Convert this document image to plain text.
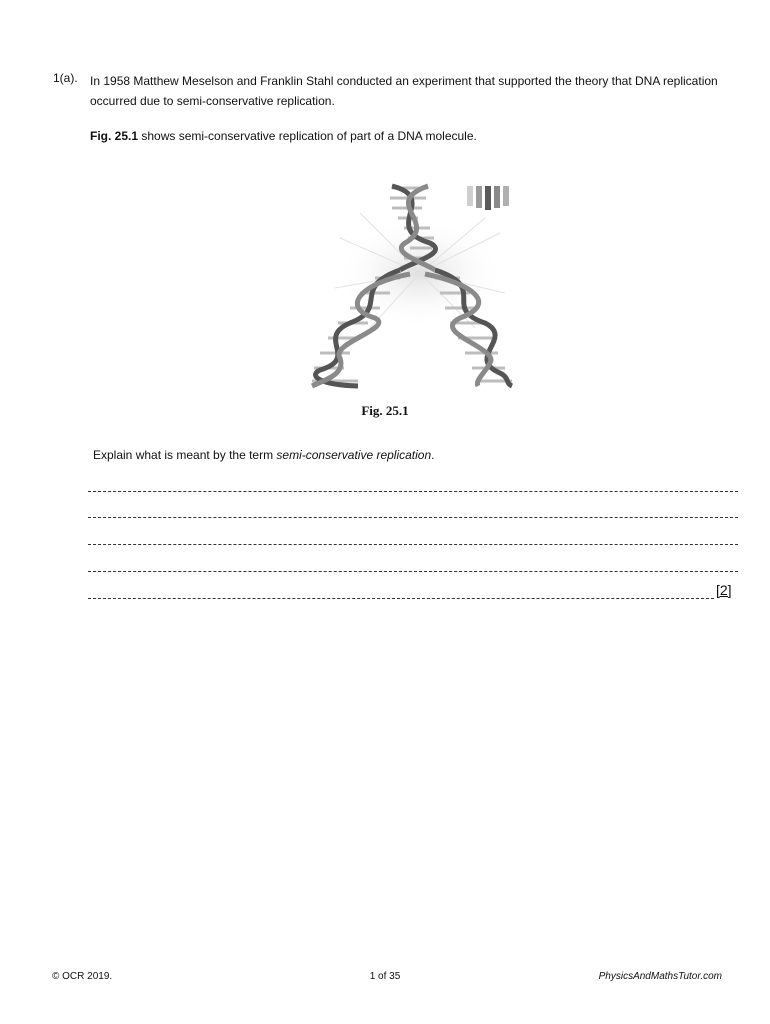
1(a). In 1958 Matthew Meselson and Franklin Stahl conducted an experiment that supported the theory that DNA replication occurred due to semi-conservative replication.
Fig. 25.1 shows semi-conservative replication of part of a DNA molecule.
Fig. 25.1
Explain what is meant by the term semi-conservative replication.
[2]
© OCR 2019.	1 of 35	PhysicsAndMathsTutor.com
